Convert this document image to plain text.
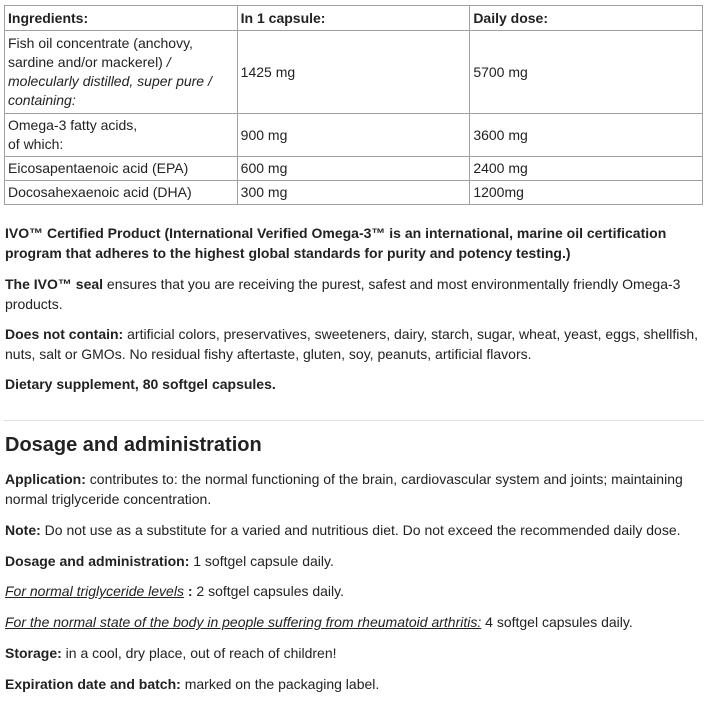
Ingredients:	In 1 capsule:	Daily dose:
Fish oil concentrate (anchovy,
sardine and/or mackerel) /
molecularly distilled, super pure /
containing:	1425 mg	5700 mg
Omega-3 fatty acids,
of which:	900 mg	3600 mg
Eicosapentaenoic acid (EPA)	600 mg	2400 mg
Docosahexaenoic acid (DHA)	300 mg	1200mg

IVO™ Certified Product (International Verified Omega-3™ is an international, marine oil certification program that adheres to the highest global standards for purity and potency testing.)

The IVO™ seal ensures that you are receiving the purest, safest and most environmentally friendly Omega-3 products.

Does not contain: artificial colors, preservatives, sweeteners, dairy, starch, sugar, wheat, yeast, eggs, shellfish, nuts, salt or GMOs. No residual fishy aftertaste, gluten, soy, peanuts, artificial flavors.

Dietary supplement, 80 softgel capsules.

Dosage and administration

Application: contributes to: the normal functioning of the brain, cardiovascular system and joints; maintaining normal triglyceride concentration.

Note: Do not use as a substitute for a varied and nutritious diet. Do not exceed the recommended daily dose.

Dosage and administration: 1 softgel capsule daily.

For normal triglyceride levels : 2 softgel capsules daily.

For the normal state of the body in people suffering from rheumatoid arthritis: 4 softgel capsules daily.

Storage: in a cool, dry place, out of reach of children!

Expiration date and batch: marked on the packaging label.
